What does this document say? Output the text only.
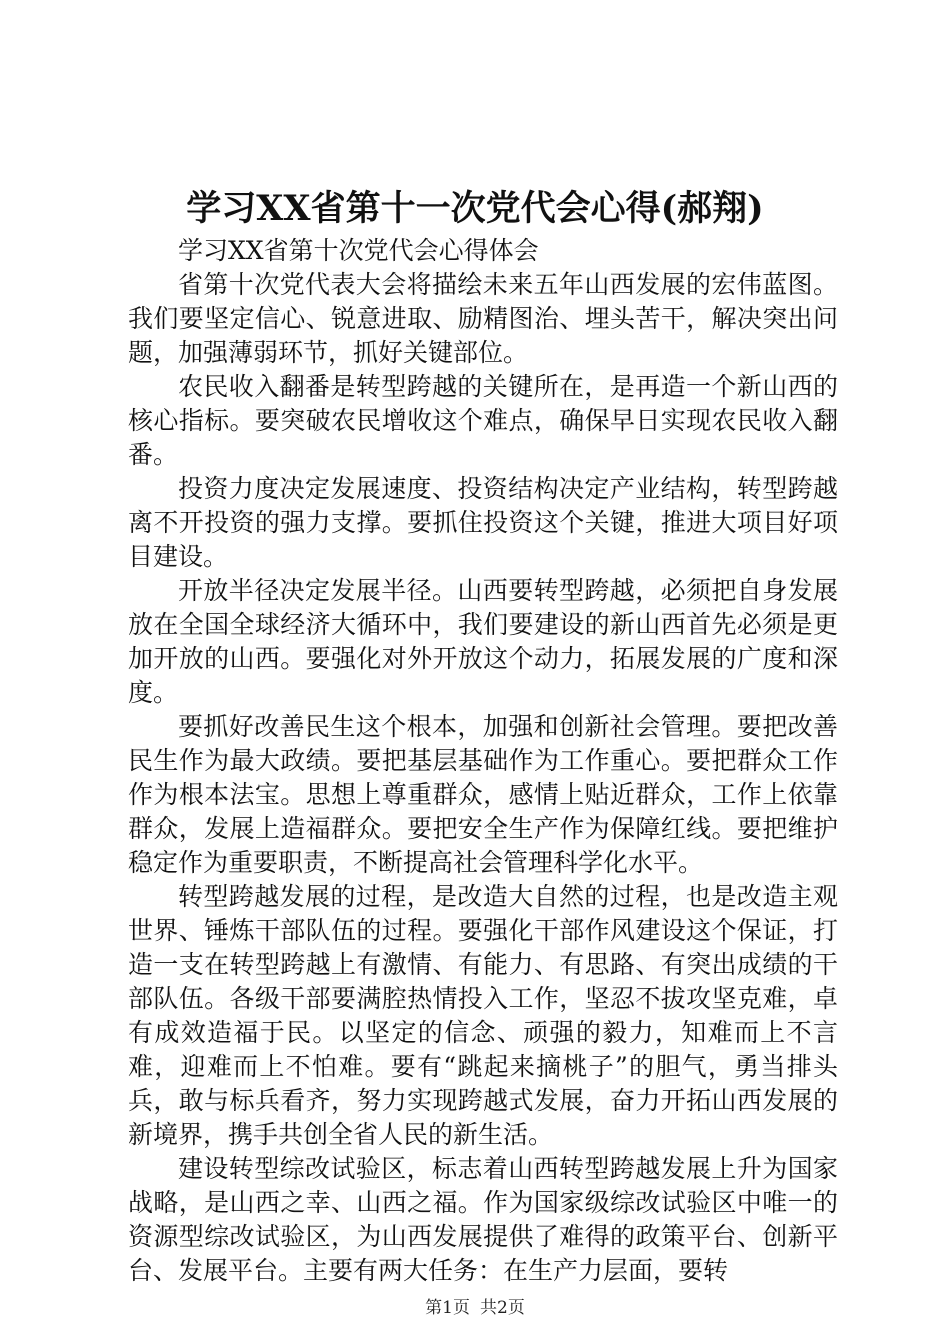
学习XX省第十一次党代会心得(郝翔)

学习XX省第十次党代会心得体会

省第十次党代表大会将描绘未来五年山西发展的宏伟蓝图。我们要坚定信心、锐意进取、励精图治、埋头苦干，解决突出问题，加强薄弱环节，抓好关键部位。

农民收入翻番是转型跨越的关键所在，是再造一个新山西的核心指标。要突破农民增收这个难点，确保早日实现农民收入翻番。

投资力度决定发展速度、投资结构决定产业结构，转型跨越离不开投资的强力支撑。要抓住投资这个关键，推进大项目好项目建设。

开放半径决定发展半径。山西要转型跨越，必须把自身发展放在全国全球经济大循环中，我们要建设的新山西首先必须是更加开放的山西。要强化对外开放这个动力，拓展发展的广度和深度。

要抓好改善民生这个根本，加强和创新社会管理。要把改善民生作为最大政绩。要把基层基础作为工作重心。要把群众工作作为根本法宝。思想上尊重群众，感情上贴近群众，工作上依靠群众，发展上造福群众。要把安全生产作为保障红线。要把维护稳定作为重要职责，不断提高社会管理科学化水平。

转型跨越发展的过程，是改造大自然的过程，也是改造主观世界、锤炼干部队伍的过程。要强化干部作风建设这个保证，打造一支在转型跨越上有激情、有能力、有思路、有突出成绩的干部队伍。各级干部要满腔热情投入工作，坚忍不拔攻坚克难，卓有成效造福于民。以坚定的信念、顽强的毅力，知难而上不言难，迎难而上不怕难。要有“跳起来摘桃子”的胆气，勇当排头兵，敢与标兵看齐，努力实现跨越式发展，奋力开拓山西发展的新境界，携手共创全省人民的新生活。

建设转型综改试验区，标志着山西转型跨越发展上升为国家战略，是山西之幸、山西之福。作为国家级综改试验区中唯一的资源型综改试验区，为山西发展提供了难得的政策平台、创新平台、发展平台。主要有两大任务：在生产力层面，要转

第1页 共2页
